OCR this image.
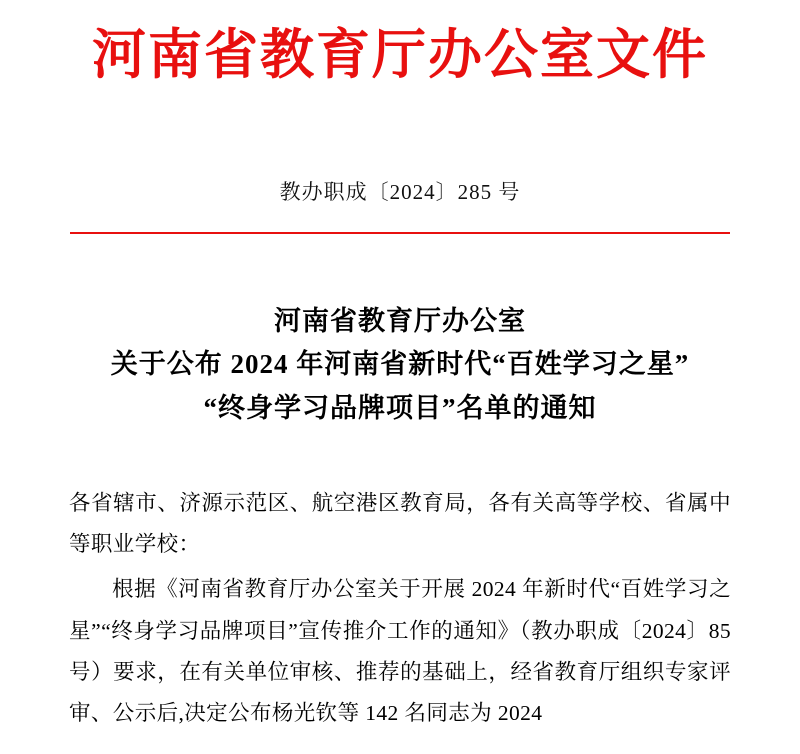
河南省教育厅办公室文件
教办职成〔2024〕285 号
河南省教育厅办公室
关于公布 2024 年河南省新时代“百姓学习之星”
“终身学习品牌项目”名单的通知

各省辖市、济源示范区、航空港区教育局，各有关高等学校、省属中等职业学校：

根据《河南省教育厅办公室关于开展 2024 年新时代“百姓学习之星”“终身学习品牌项目”宣传推介工作的通知》（教办职成〔2024〕85 号）要求，在有关单位审核、推荐的基础上，经省教育厅组织专家评审、公示后,决定公布杨光钦等 142 名同志为 2024
